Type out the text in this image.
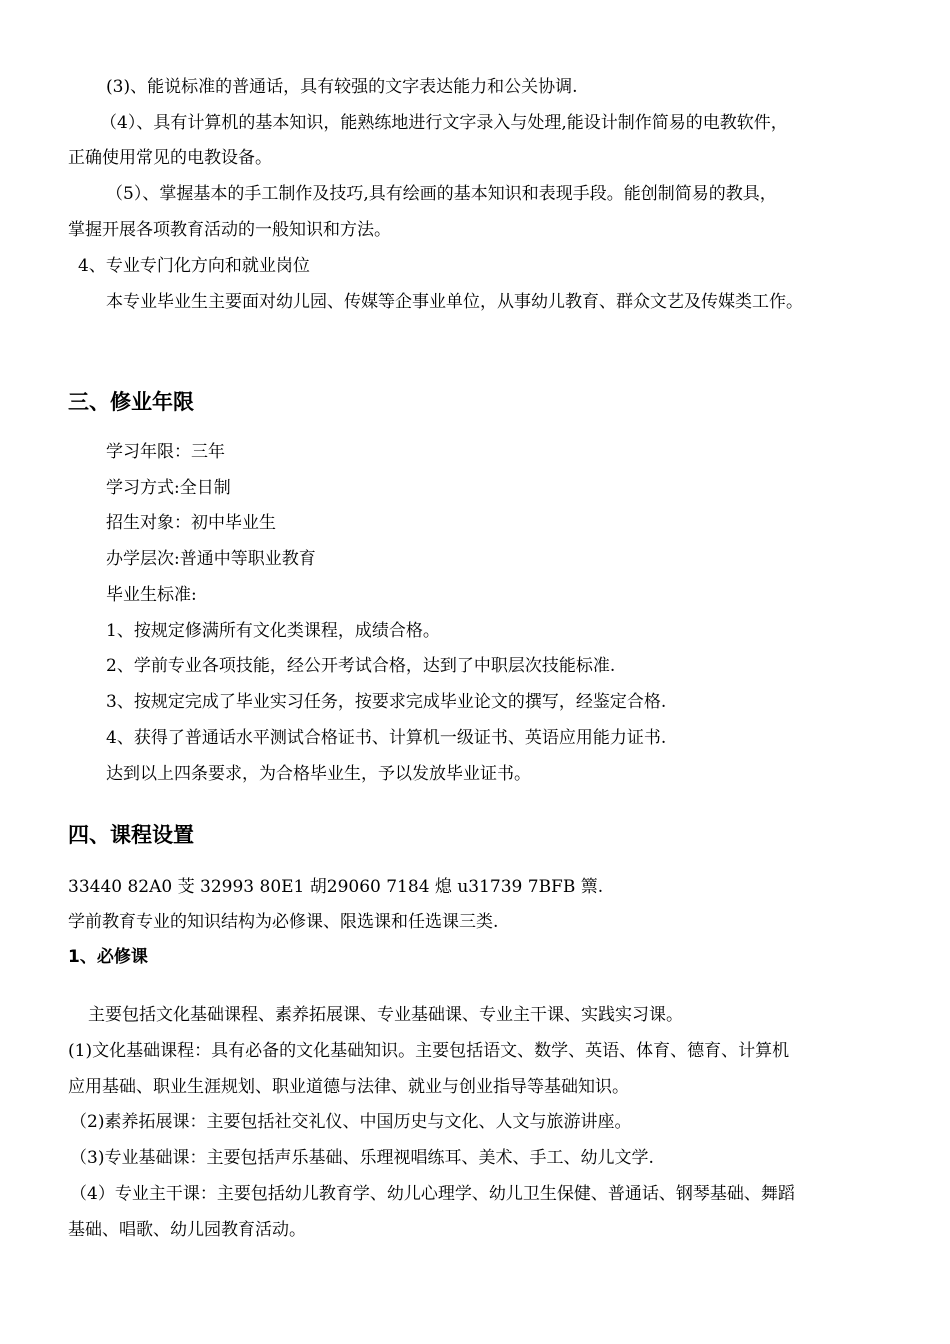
(3)、能说标准的普通话，具有较强的文字表达能力和公关协调.
（4）、具有计算机的基本知识，能熟练地进行文字录入与处理,能设计制作简易的电教软件，
正确使用常见的电教设备。
（5）、掌握基本的手工制作及技巧,具有绘画的基本知识和表现手段。能创制简易的教具，
掌握开展各项教育活动的一般知识和方法。
4、专业专门化方向和就业岗位
本专业毕业生主要面对幼儿园、传媒等企事业单位，从事幼儿教育、群众文艺及传媒类工作。
三、修业年限
学习年限：三年
学习方式:全日制
招生对象：初中毕业生
办学层次:普通中等职业教育
毕业生标准:
1、按规定修满所有文化类课程，成绩合格。
2、学前专业各项技能，经公开考试合格，达到了中职层次技能标准.
3、按规定完成了毕业实习任务，按要求完成毕业论文的撰写，经鉴定合格.
4、获得了普通话水平测试合格证书、计算机一级证书、英语应用能力证书.
达到以上四条要求，为合格毕业生，予以发放毕业证书。
四、课程设置
33440 82A0 芠 32993 80E1 胡29060 7184 熄 u31739 7BFB 篻.
学前教育专业的知识结构为必修课、限选课和任选课三类.
1、必修课
主要包括文化基础课程、素养拓展课、专业基础课、专业主干课、实践实习课。
(1)文化基础课程：具有必备的文化基础知识。主要包括语文、数学、英语、体育、德育、计算机
应用基础、职业生涯规划、职业道德与法律、就业与创业指导等基础知识。
（2)素养拓展课：主要包括社交礼仪、中国历史与文化、人文与旅游讲座。
（3)专业基础课：主要包括声乐基础、乐理视唱练耳、美术、手工、幼儿文学.
（4）专业主干课：主要包括幼儿教育学、幼儿心理学、幼儿卫生保健、普通话、钢琴基础、舞蹈
基础、唱歌、幼儿园教育活动。
